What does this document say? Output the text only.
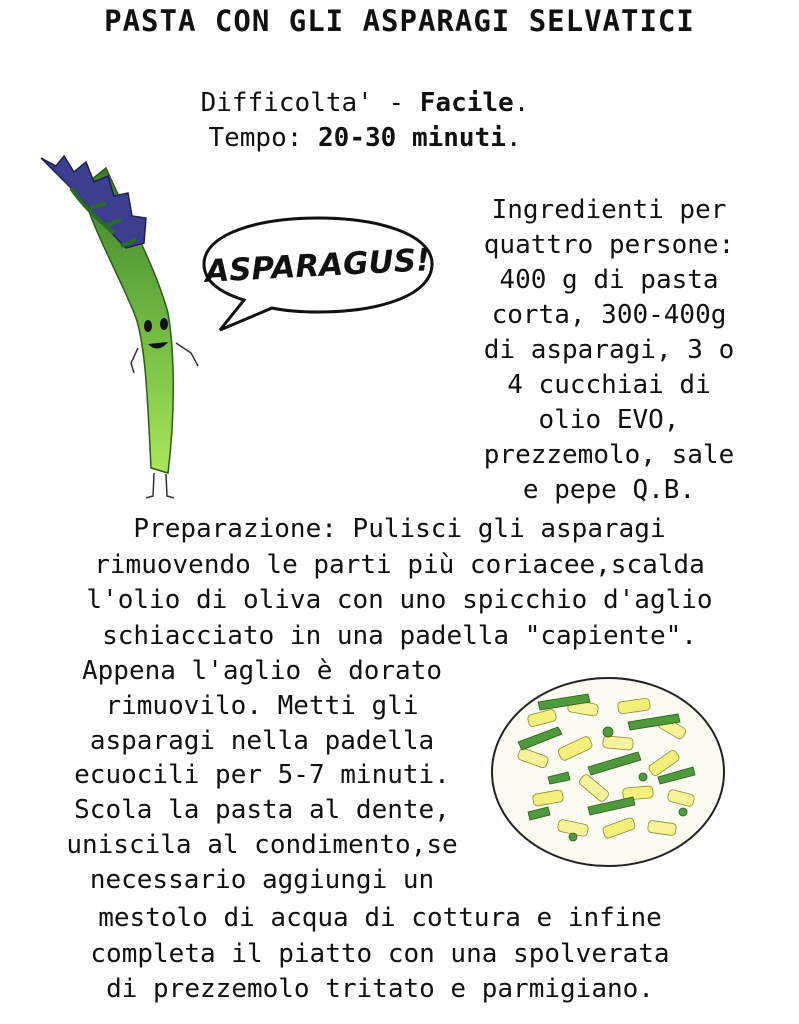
PASTA CON GLI ASPARAGI SELVATICI
Difficolta' - Facile.
Tempo: 20-30 minuti.
ASPARAGUS!
Ingredienti per
quattro persone:
400 g di pasta
corta, 300-400g
di asparagi, 3 o
4 cucchiai di
olio EVO,
prezzemolo, sale
e pepe Q.B.
Preparazione: Pulisci gli asparagi
rimuovendo le parti più coriacee,scalda
l'olio di oliva con uno spicchio d'aglio
schiacciato in una padella "capiente".
Appena l'aglio è dorato
rimuovilo. Metti gli
asparagi nella padella
ecuocili per 5-7 minuti.
Scola la pasta al dente,
uniscila al condimento,se
necessario aggiungi un
mestolo di acqua di cottura e infine
completa il piatto con una spolverata
di prezzemolo tritato e parmigiano.
